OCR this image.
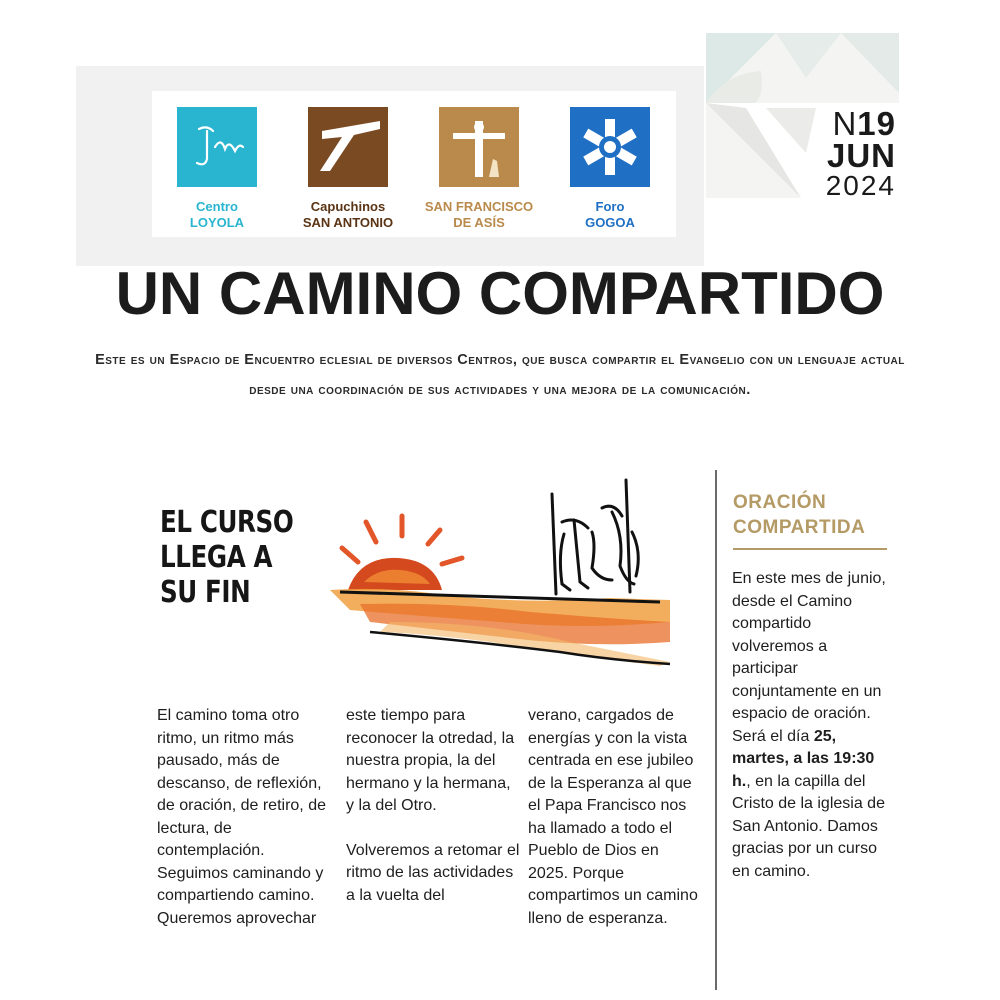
Centro
LOYOLA
Capuchinos
SAN ANTONIO
SAN FRANCISCO
DE ASÍS
Foro
GOGOA
N19
JUN
2024
UN CAMINO COMPARTIDO

Este es un Espacio de Encuentro eclesial de diversos Centros, que busca compartir el Evangelio con un lenguaje actual desde una coordinación de sus actividades y una mejora de la comunicación.

EL CURSO LLEGA A SU FIN

El camino toma otro ritmo, un ritmo más pausado, más de descanso, de reflexión, de oración, de retiro, de lectura, de contemplación. Seguimos caminando y compartiendo camino. Queremos aprovechar

este tiempo para reconocer la otredad, la nuestra propia, la del hermano y la hermana, y la del Otro.

Volveremos a retomar el ritmo de las actividades a la vuelta del

verano, cargados de energías y con la vista centrada en ese jubileo de la Esperanza al que el Papa Francisco nos ha llamado a todo el Pueblo de Dios en 2025. Porque compartimos un camino lleno de esperanza.

ORACIÓN
COMPARTIDA
En este mes de junio, desde el Camino compartido volveremos a participar conjuntamente en un espacio de oración. Será el día 25, martes, a las 19:30 h., en la capilla del Cristo de la iglesia de San Antonio. Damos gracias por un curso en camino.
